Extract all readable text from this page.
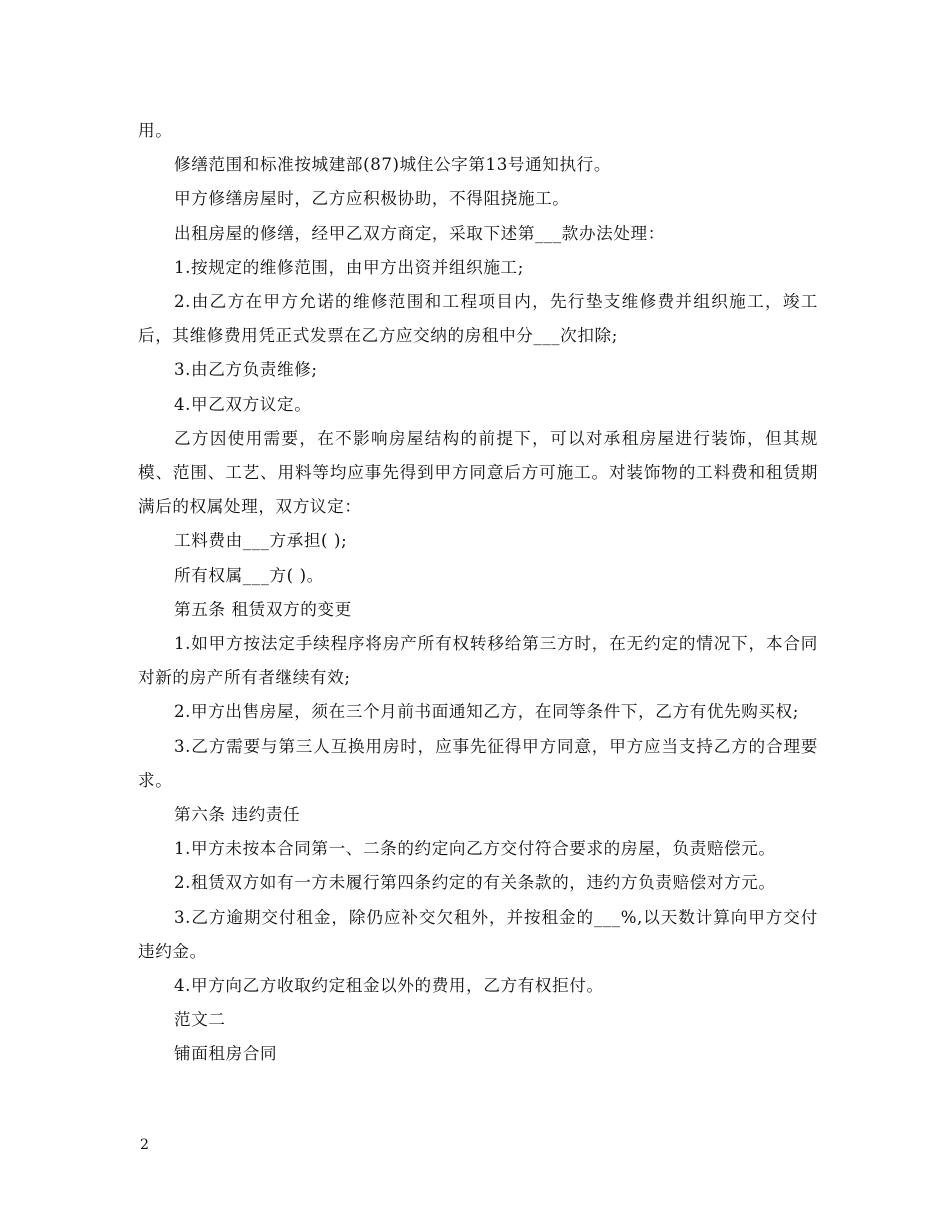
用。

修缮范围和标准按城建部(87)城住公字第13号通知执行。

甲方修缮房屋时，乙方应积极协助，不得阻挠施工。

出租房屋的修缮，经甲乙双方商定，采取下述第___款办法处理：

1.按规定的维修范围，由甲方出资并组织施工;

2.由乙方在甲方允诺的维修范围和工程项目内，先行垫支维修费并组织施工，竣工后，其维修费用凭正式发票在乙方应交纳的房租中分___次扣除;

3.由乙方负责维修;

4.甲乙双方议定。

乙方因使用需要，在不影响房屋结构的前提下，可以对承租房屋进行装饰，但其规模、范围、工艺、用料等均应事先得到甲方同意后方可施工。对装饰物的工料费和租赁期满后的权属处理，双方议定：

工料费由___方承担( );

所有权属___方( )。

第五条 租赁双方的变更

1.如甲方按法定手续程序将房产所有权转移给第三方时，在无约定的情况下，本合同对新的房产所有者继续有效;

2.甲方出售房屋，须在三个月前书面通知乙方，在同等条件下，乙方有优先购买权;

3.乙方需要与第三人互换用房时，应事先征得甲方同意，甲方应当支持乙方的合理要求。

第六条 违约责任

1.甲方未按本合同第一、二条的约定向乙方交付符合要求的房屋，负责赔偿元。

2.租赁双方如有一方未履行第四条约定的有关条款的，违约方负责赔偿对方元。

3.乙方逾期交付租金，除仍应补交欠租外，并按租金的___%,以天数计算向甲方交付违约金。

4.甲方向乙方收取约定租金以外的费用，乙方有权拒付。

范文二

铺面租房合同

2
